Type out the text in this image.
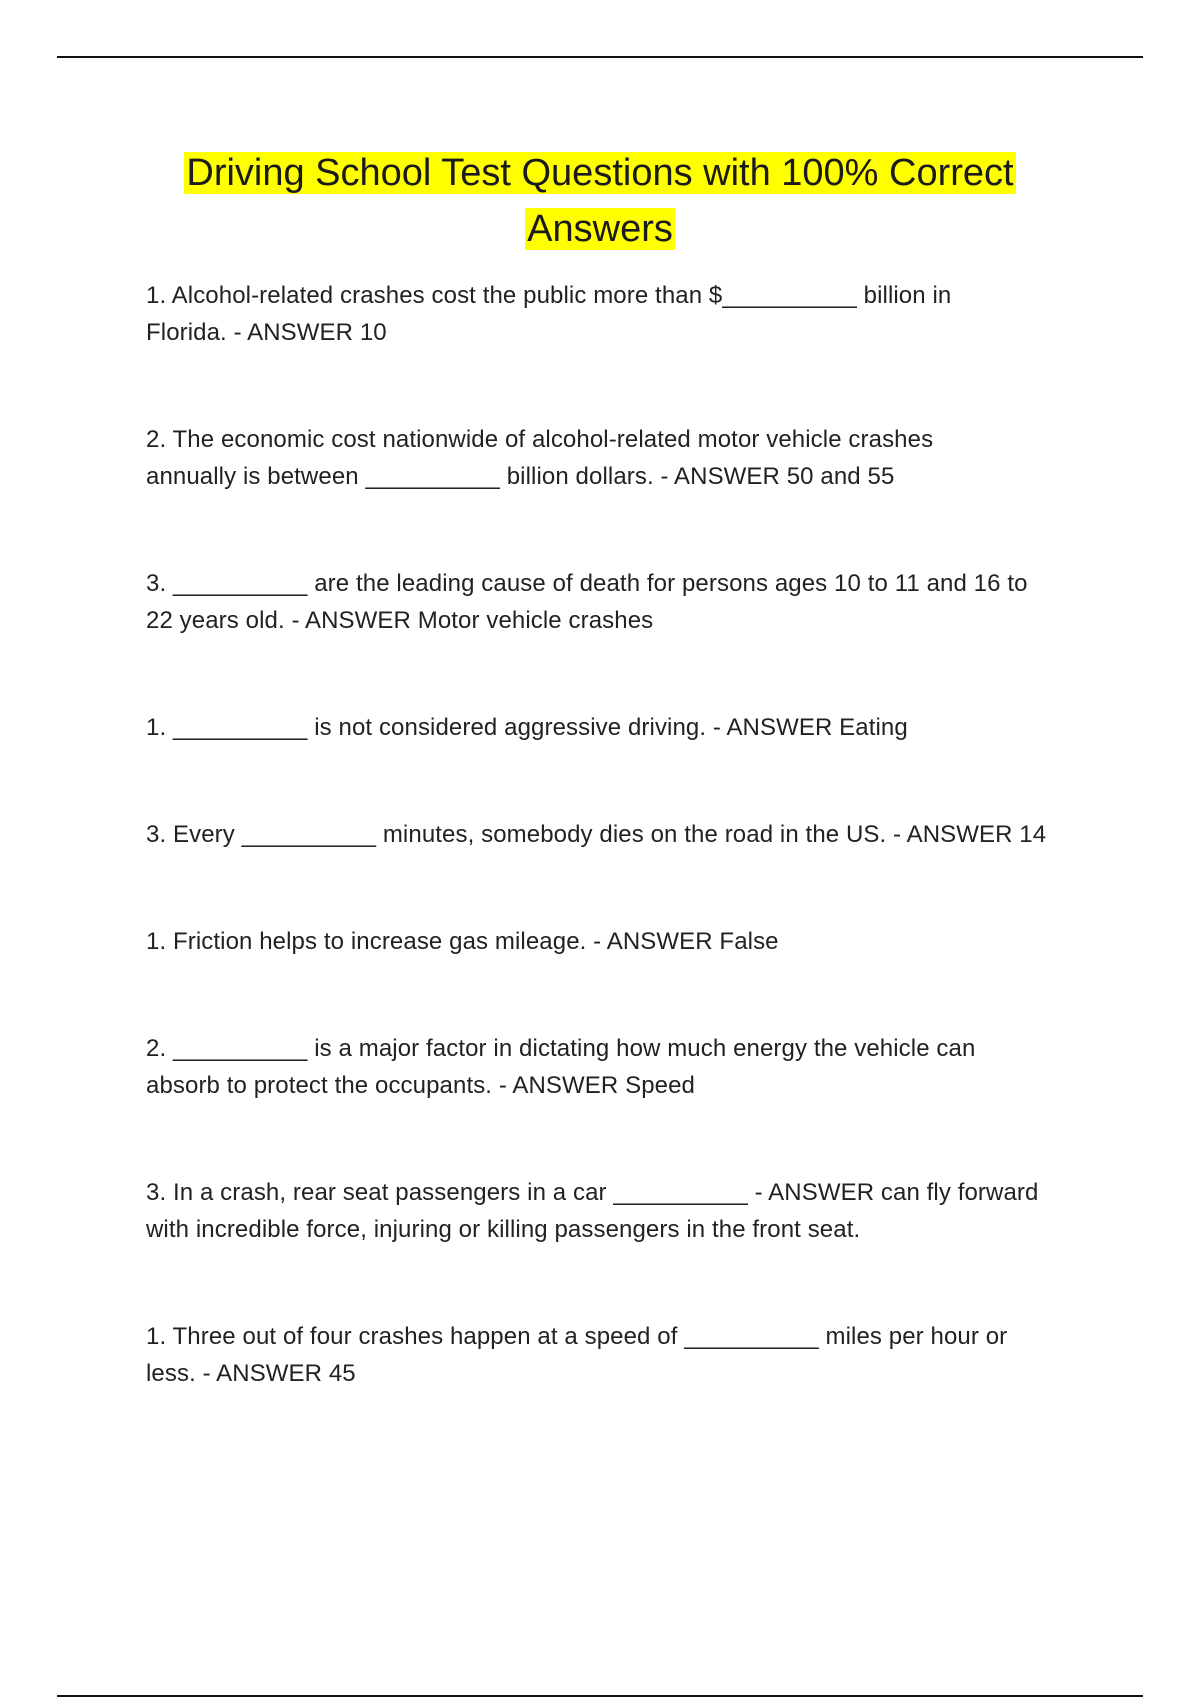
Driving School Test Questions with 100% Correct
Answers
1. Alcohol-related crashes cost the public more than $__________ billion in
Florida. - ANSWER 10
2. The economic cost nationwide of alcohol-related motor vehicle crashes
annually is between __________ billion dollars. - ANSWER 50 and 55
3. __________ are the leading cause of death for persons ages 10 to 11 and 16 to
22 years old. - ANSWER Motor vehicle crashes
1. __________ is not considered aggressive driving. - ANSWER Eating
3. Every __________ minutes, somebody dies on the road in the US. - ANSWER 14
1. Friction helps to increase gas mileage. - ANSWER False
2. __________ is a major factor in dictating how much energy the vehicle can
absorb to protect the occupants. - ANSWER Speed
3. In a crash, rear seat passengers in a car __________ - ANSWER can fly forward
with incredible force, injuring or killing passengers in the front seat.
1. Three out of four crashes happen at a speed of __________ miles per hour or
less. - ANSWER 45
